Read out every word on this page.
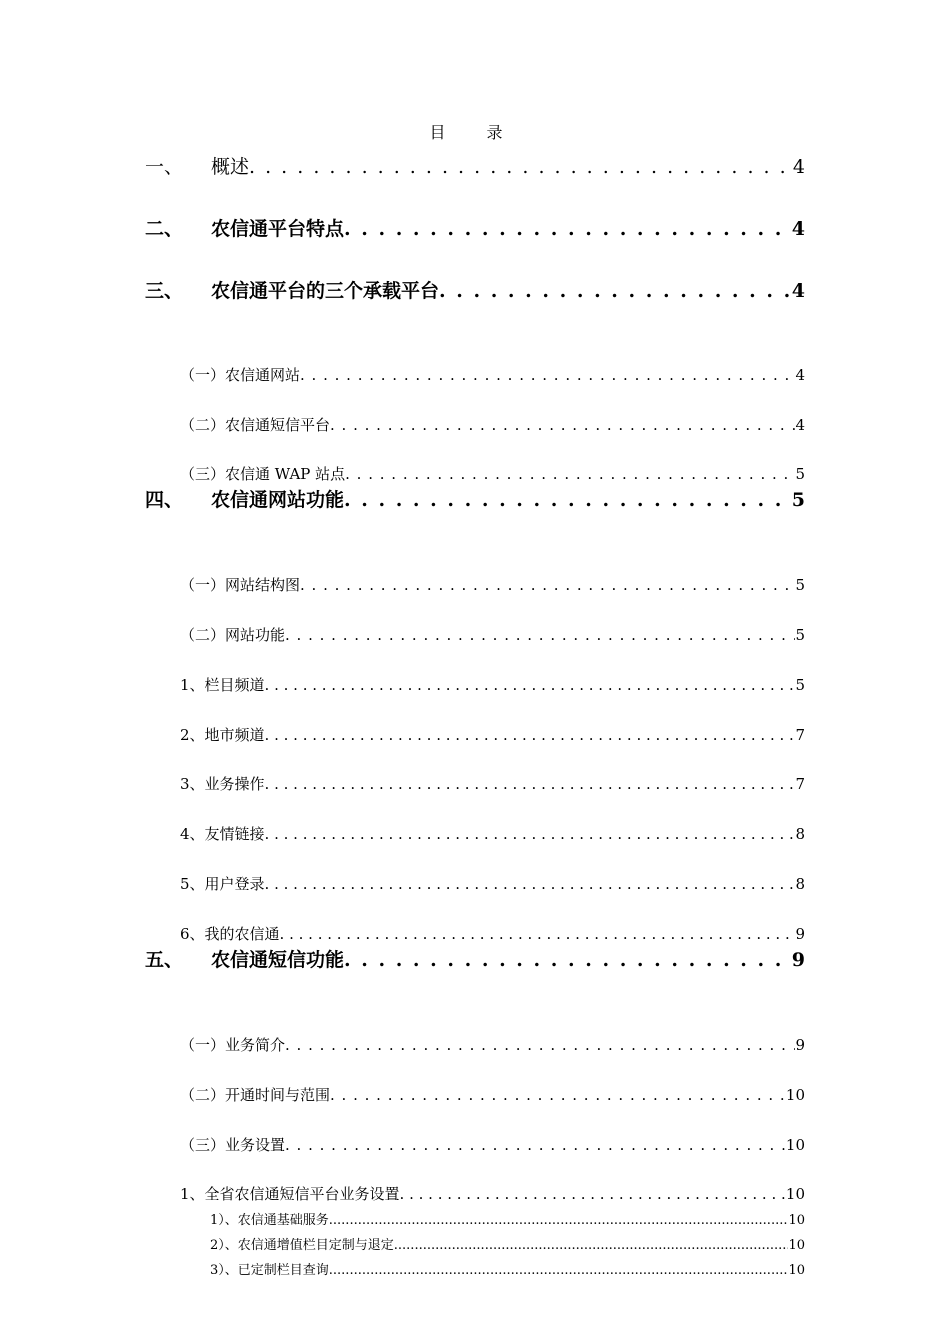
目 录
一、 概述 . . .	4
二、 农信通平台特点 . . .	4
三、 农信通平台的三个承载平台 . . .	4
（一）农信通网站 . . .	4
（二）农信通短信平台 . . .	4
（三）农信通 WAP 站点 . . .	5
四、 农信通网站功能 . . .	5
（一）网站结构图 . . .	5
（二）网站功能 . . .	5
1、栏目频道 . . .	5
2、地市频道 . . .	7
3、业务操作 . . .	7
4、友情链接 . . .	8
5、用户登录 . . .	8
6、我的农信通 . . .	9
五、 农信通短信功能 . . .	9
（一）业务简介 . . .	9
（二）开通时间与范围 . . .	10
（三）业务设置 . . .	10
1、全省农信通短信平台业务设置 . . .	10
1）、农信通基础服务 .....	10
2）、农信通增值栏目定制与退定 .....	10
3）、已定制栏目查询 .....	10
